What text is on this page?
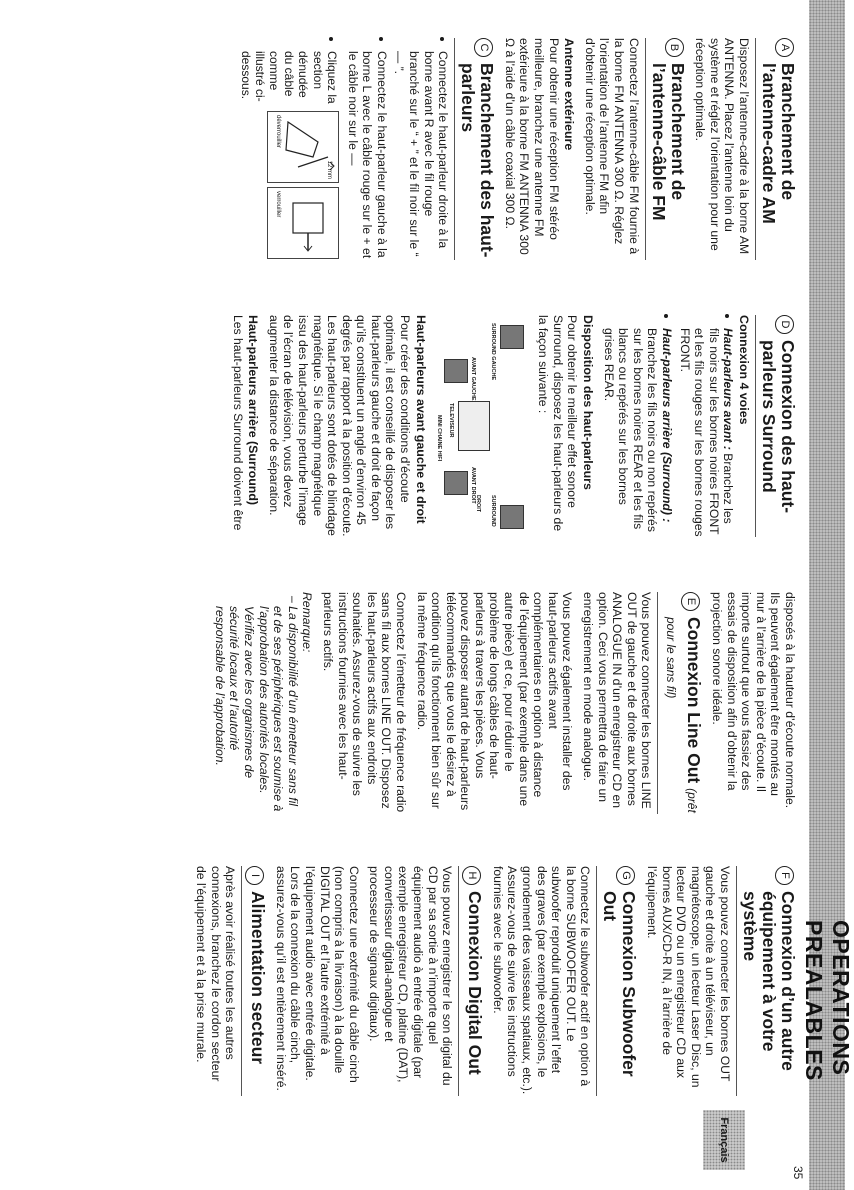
OPERATIONS PREALABLES
Français
35
A
Branchement de l’antenne-cadre AM

Disposez l’antenne-cadre à la borne AM ANTENNA. Placez l’antenne loin du système et réglez l’orientation pour une réception optimale.

B
Branchement de l’antenne-câble FM

Connectez l’antenne-câble FM fournie à la borne FM ANTENNA 300 Ω. Réglez l’orientation de l’antenne FM afin d’obtenir une réception optimale.

Antenne extérieure

Pour obtenir une réception FM stéréo meilleure, branchez une antenne FM extérieure à la borne FM ANTENNA 300 Ω à l’aide d’un câble coaxial 300 Ω.

C
Branchement des haut-parleurs
• Connectez le haut-parleur droite à la borne avant R avec le fil rouge branché sur le “ + ” et le fil noir sur le “ — ”.
• Connectez le haut-parleur gauche à la borne L avec le câble rouge sur le + et le câble noir sur le —
• Cliquez la section dénudée du câble comme illustré ci-dessous.
déverrouiller
12 mm
verrouiller
D
Connexion des haut-parleurs Surround
Connexion 4 voies
• Haut-parleurs avant : Branchez les fils noirs sur les bornes noires FRONT et les fils rouges sur les bornes rouges FRONT.
• Haut-parleurs arrière (Surround) : Branchez les fils noirs ou non repérés sur les bornes noires REAR et les fils blancs ou repérés sur les bornes grises REAR.
Disposition des haut-parleurs

Pour obtenir le meilleur effet sonore Surround, disposez les haut-parleurs de la façon suivante :

SURROUND GAUCHE
SURROUND DROIT
AVANT GAUCHE
AVANT DROIT
TELEVISEUR
MINI CHAINE HIFI
Haut-parleurs avant gauche et droit

Pour créer des conditions d’écoute optimale, il est conseillé de disposer les haut-parleurs gauche et droit de façon qu’ils constituent un angle d’environ 45 degrés par rapport à la position d’écoute. Les haut-parleurs sont dotés de blindage magnétique. Si le champ magnétique issu des haut-parleurs perturbe l’image de l’écran de télévision, vous devez augmenter la distance de séparation.

Haut-parleurs arrière (Surround)

Les haut-parleurs Surround doivent être

disposés à la hauteur d’écoute normale. Ils peuvent également être montés au mur à l’arrière de la pièce d’écoute. Il importe surtout que vous fassiez des essais de disposition afin d’obtenir la projection sonore idéale.

E
Connexion Line Out (prêt pour le sans fil)

Vous pouvez connecter les bornes LINE OUT de gauche et de droite aux bornes ANALOGUE IN d’un enregistreur CD en option. Ceci vous permettra de faire un enregistrement en mode analogue.

Vous pouvez également installer des haut-parleurs actifs avant complémentaires en option à distance de l’équipement (par exemple dans une autre pièce) et ce, pour réduire le problème de longs câbles de haut-parleurs à travers les pièces. Vous pouvez disposer autant de haut-parleurs télécommandés que vous le désirez à condition qu’ils fonctionnent bien sûr sur la même fréquence radio.

Connectez l’émetteur de fréquence radio sans fil aux bornes LINE OUT. Disposez les haut-parleurs actifs aux endroits souhaités. Assurez-vous de suivre les instructions fournies avec les haut-parleurs actifs.

Remarque:
– La disponibilité d’un émetteur sans fil et de ses périphériques est soumise à l’approbation des autorités locales.
Vérifiez avec les organismes de sécurité locaux et l’autorité responsable de l’approbation.
F
Connexion d’un autre équipement à votre système

Vous pouvez connecter les bornes OUT gauche et droite à un téléviseur, un magnétoscope, un lecteur Laser Disc, un lecteur DVD ou un enregistreur CD aux bornes AUX/CD-R IN, à l’arrière de l’équipement.

G
Connexion Subwoofer Out

Connectez le subwoofer actif en option à la borne SUBWOOFER OUT. Le subwoofer reproduit uniquement l’effet des graves (par exemple explosions, le grondement des vaisseaux spatiaux, etc.). Assurez-vous de suivre les instructions fournies avec le subwoofer.

H
Connexion Digital Out

Vous pouvez enregistrer le son digital du CD par sa sortie à n’importe quel équipement audio à entrée digitale (par exemple enregistreur CD, platine (DAT), convertisseur digital-analogue et processeur de signaux digitaux).

Connectez une extrémité du câble cinch (non compris à la livraison) à la douille DIGITAL OUT et l’autre extrémité à l’équipement audio avec entrée digitale. Lors de la connexion du câble cinch, assurez-vous qu’il est entièrement inséré.

I
Alimentation secteur

Après avoir réalisé toutes les autres connexions, branchez le cordon secteur de l’équipement et à la prise murale.
